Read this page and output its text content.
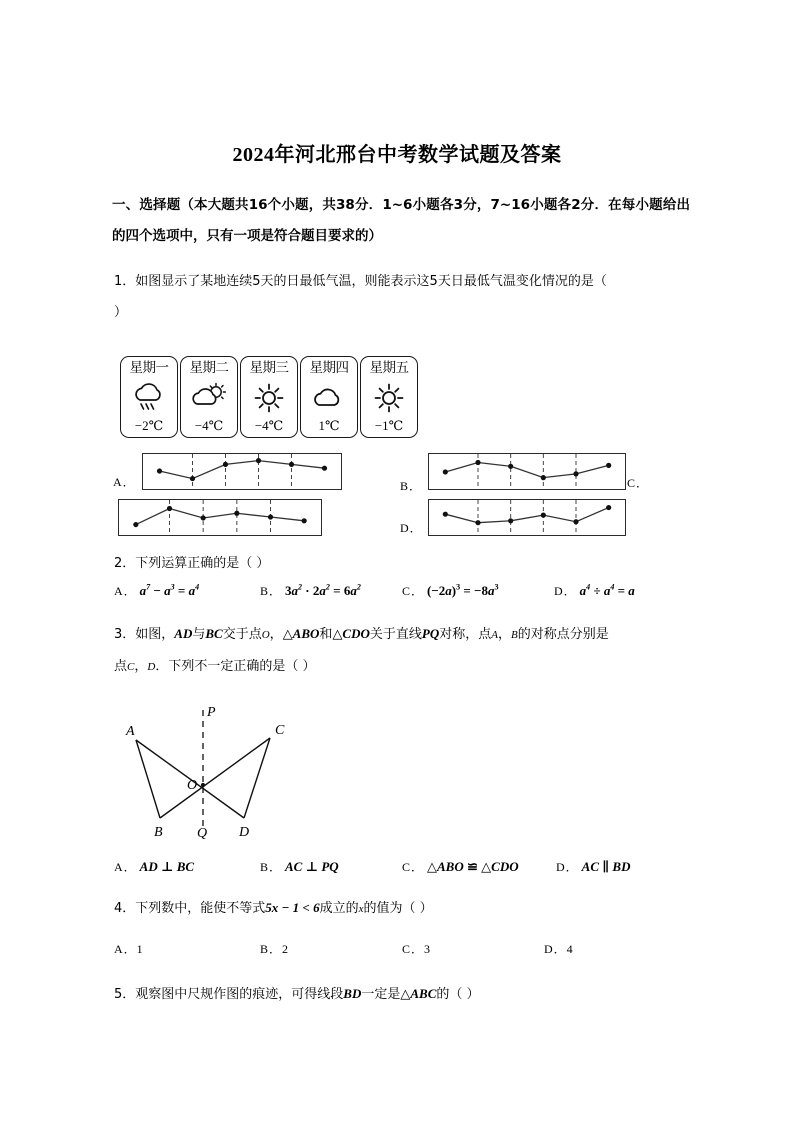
2024年河北邢台中考数学试题及答案
一、选择题（本大题共16个小题，共38分．1~6小题各3分，7~16小题各2分．在每小题给出 的四个选项中，只有一项是符合题目要求的）
1．如图显示了某地连续5天的日最低气温，则能表示这5天日最低气温变化情况的是（
）
星期一
−2℃
星期二
−4℃
星期三
−4℃
星期四
1℃
星期五
−1℃
A．	B．	C．
D．
2．下列运算正确的是（ ）
A． $a^7 - a^3 = a^4$	B． $3a^2 \cdot 2a^2 = 6a^2$	C． $(-2a)^3 = -8a^3$	D． $a^4 \div a^4 = a$
3．如图，AD与BC交于点O，△ABO和△CDO关于直线PQ对称，点A，B的对称点分别是
点C，D．下列不一定正确的是（ ）
A	C
O
B Q D
P
A． AD ⊥ BC	B． AC ⊥ PQ	C． △ABO ≌ △CDO	D． AC ∥ BD
4．下列数中，能使不等式5x − 1 < 6成立的x的值为（ ）
A．1	B．2	C．3	D．4
5．观察图中尺规作图的痕迹，可得线段BD一定是△ABC的（ ）
